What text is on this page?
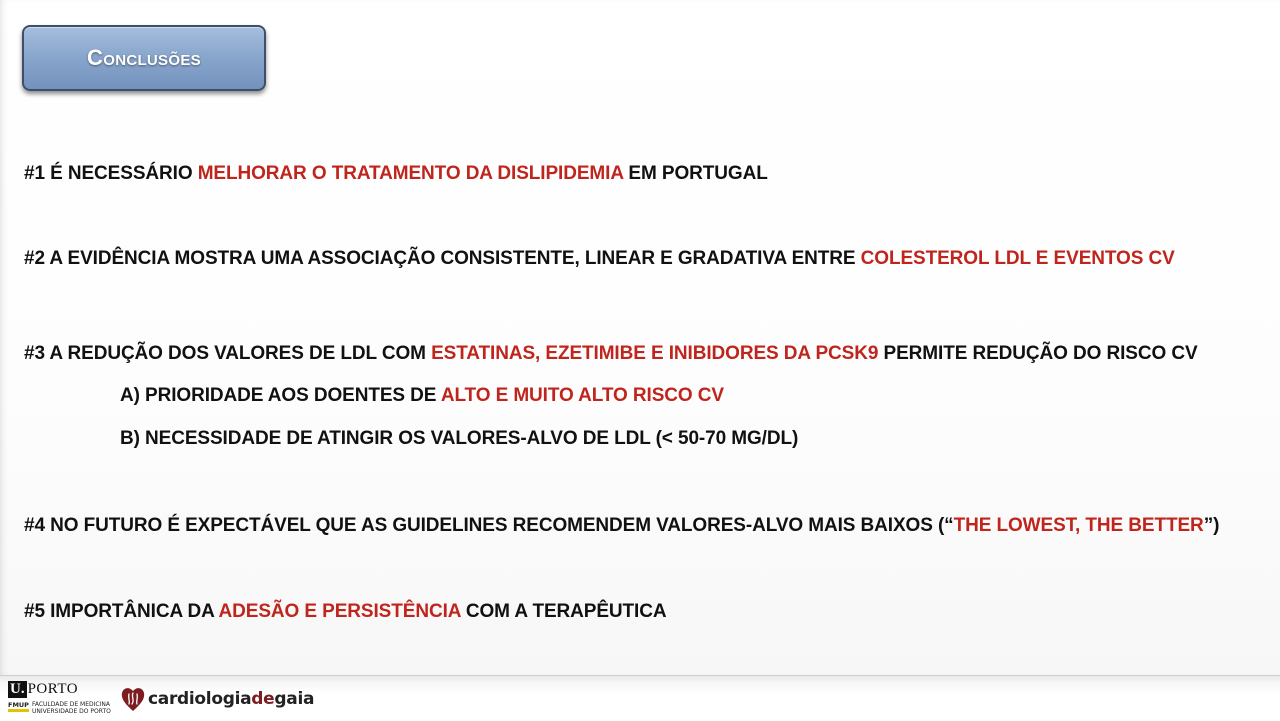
Conclusões

#1 É NECESSÁRIO MELHORAR O TRATAMENTO DA DISLIPIDEMIA EM PORTUGAL

#2 A EVIDÊNCIA MOSTRA UMA ASSOCIAÇÃO CONSISTENTE, LINEAR E GRADATIVA ENTRE COLESTEROL LDL E EVENTOS CV

#3 A REDUÇÃO DOS VALORES DE LDL COM ESTATINAS, EZETIMIBE E INIBIDORES DA PCSK9 PERMITE REDUÇÃO DO RISCO CV

A) PRIORIDADE AOS DOENTES DE ALTO E MUITO ALTO RISCO CV

B) NECESSIDADE DE ATINGIR OS VALORES-ALVO DE LDL (< 50-70 MG/DL)

#4 NO FUTURO É EXPECTÁVEL QUE AS GUIDELINES RECOMENDEM VALORES-ALVO MAIS BAIXOS (“THE LOWEST, THE BETTER”)

#5 IMPORTÂNICA DA ADESÃO E PERSISTÊNCIA COM A TERAPÊUTICA

U. PORTO
FMUP FACULDADE DE MEDICINA
UNIVERSIDADE DO PORTO
cardiologiadegaia
